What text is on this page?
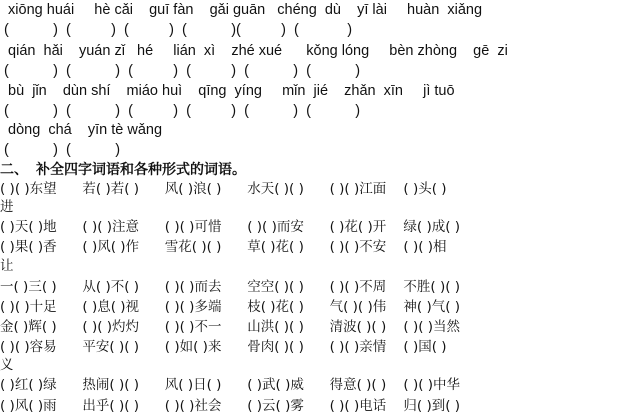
xiōng huái     hè cǎi    guī fàn    gǎi guān   chéng  dù    yī lài     huàn  xiǎng
(           )  (          )  (          )  (           )(          )  (            )
qián  hǎi    yuán zǐ   hé     lián  xì    zhé xué      kǒng lóng     bèn zhòng    gē  zi
(           )  (           )  (          )  (          )  (           )  (           )
bù  jǐn    dùn shí    miáo huì    qīng  yíng     mǐn  jié    zhǎn  xīn     jì tuō
(           )  (           )  (          )  (          )  (           )  (           )
dòng  chá    yīn tè wǎng
(           )  (           )
二、 补全四字词语和各种形式的词语。
( )( )东望      若( )若( )      风( )浪( )      水天( )( )      ( )( )江面    ( )头( )
进
( )天( )地      ( )( )注意      ( )( )可惜      ( )( )而安      ( )花( )开    绿( )成( )
( )果( )香      ( )风( )作      雪花( )( )      草( )花( )      ( )( )不安    ( )( )相
让
一( )三( )      从( )不( )      ( )( )而去      空空( )( )      ( )( )不周    不胜( )( )
( )( )十足      ( )息( )视      ( )( )多端      枝( )花( )      气( )( )伟    神( )气( )
金( )辉( )      ( )( )灼灼      ( )( )不一      山洪( )( )      清波( )( )    ( )( )当然
( )( )容易      平安( )( )      ( )如( )来      骨肉( )( )      ( )( )亲情    ( )国( )
义
( )红( )绿      热闹( )( )      风( )日( )      ( )武( )威      得意( )( )    ( )( )中华
( )风( )雨      出乎( )( )      ( )( )社会      ( )云( )雾      ( )( )电话    归( )到( )
